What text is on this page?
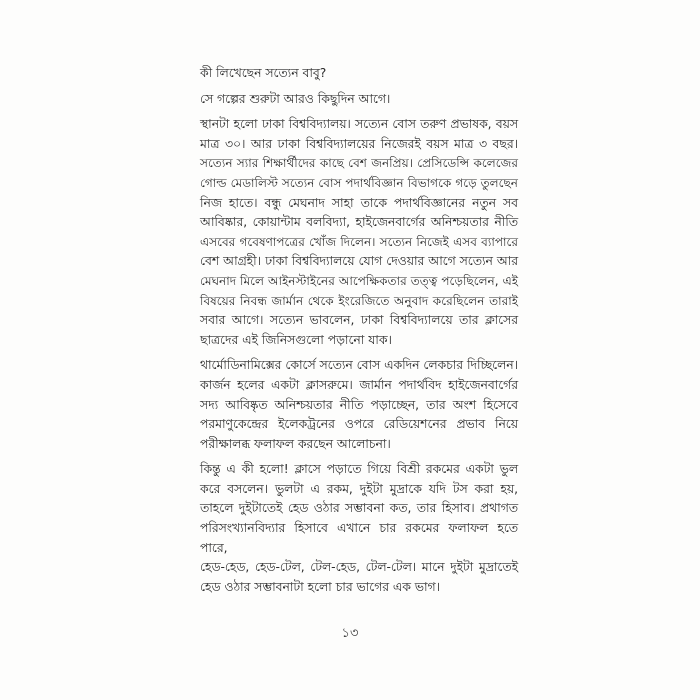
কী লিখেছেন সত্যেন বাবু?
সে গল্পের শুরুটা আরও কিছুদিন আগে।
স্থানটা হলো ঢাকা বিশ্ববিদ্যালয়। সত্যেন বোস তরুণ প্রভাষক, বয়স
মাত্র ৩০। আর ঢাকা বিশ্ববিদ্যালয়ের নিজেরই বয়স মাত্র ৩ বছর।
সত্যেন স্যার শিক্ষার্থীদের কাছে বেশ জনপ্রিয়। প্রেসিডেন্সি কলেজের
গোল্ড মেডালিস্ট সত্যেন বোস পদার্থবিজ্ঞান বিভাগকে গড়ে তুলছেন
নিজ হাতে। বন্ধু মেঘনাদ সাহা তাকে পদার্থবিজ্ঞানের নতুন সব
আবিষ্কার, কোয়ান্টাম বলবিদ্যা, হাইজেনবার্গের অনিশ্চয়তার নীতি
এসবের গবেষণাপত্রের খোঁজ দিলেন। সত্যেন নিজেই এসব ব্যাপারে
বেশ আগ্রহী। ঢাকা বিশ্ববিদ্যালয়ে যোগ দেওয়ার আগে সত্যেন আর
মেঘনাদ মিলে আইনস্টাইনের আপেক্ষিকতার তত্ত্ব পড়েছিলেন, এই
বিষয়ের নিবন্ধ জার্মান থেকে ইংরেজিতে অনুবাদ করেছিলেন তারাই
সবার আগে। সত্যেন ভাবলেন, ঢাকা বিশ্ববিদ্যালয়ে তার ক্লাসের
ছাত্রদের এই জিনিসগুলো পড়ানো যাক।
থার্মোডিনামিক্সের কোর্সে সত্যেন বোস একদিন লেকচার দিচ্ছিলেন।
কার্জন হলের একটা ক্লাসরুমে। জার্মান পদার্থবিদ হাইজেনবার্গের
সদ্য আবিষ্কৃত অনিশ্চয়তার নীতি পড়াচ্ছেন, তার অংশ হিসেবে
পরমাণুকেন্দ্রের ইলেকট্রনের ওপরে রেডিয়েশনের প্রভাব নিয়ে
পরীক্ষালব্ধ ফলাফল করছেন আলোচনা।
কিন্তু এ কী হলো! ক্লাসে পড়াতে গিয়ে বিশ্রী রকমের একটা ভুল
করে বসলেন। ভুলটা এ রকম, দুইটা মুদ্রাকে যদি টস করা হয়,
তাহলে দুইটাতেই হেড ওঠার সম্ভাবনা কত, তার হিসাব। প্রথাগত
পরিসংখ্যানবিদ্যার হিসাবে এখানে চার রকমের ফলাফল হতে পারে,
হেড-হেড, হেড-টেল, টেল-হেড, টেল-টেল। মানে দুইটা মুদ্রাতেই
হেড ওঠার সম্ভাবনাটা হলো চার ভাগের এক ভাগ।
১৩
